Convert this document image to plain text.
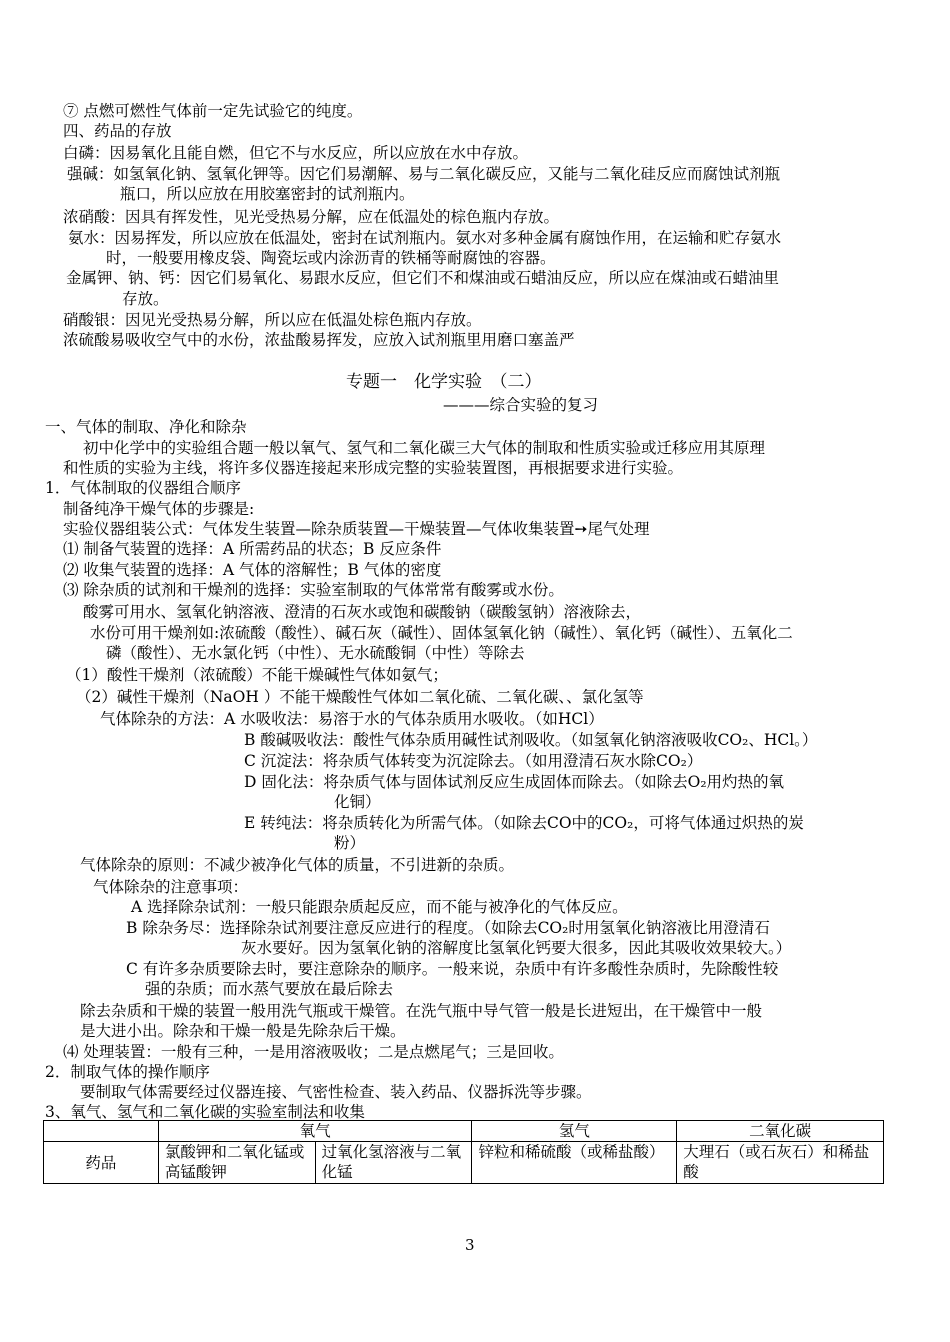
⑦ 点燃可燃性气体前一定先试验它的纯度。
四、药品的存放
白磷：因易氧化且能自燃，但它不与水反应，所以应放在水中存放。
强碱：如氢氧化钠、氢氧化钾等。因它们易潮解、易与二氧化碳反应，又能与二氧化硅反应而腐蚀试剂瓶
瓶口，所以应放在用胶塞密封的试剂瓶内。
浓硝酸：因具有挥发性，见光受热易分解，应在低温处的棕色瓶内存放。
氨水：因易挥发，所以应放在低温处，密封在试剂瓶内。氨水对多种金属有腐蚀作用，在运输和贮存氨水
时，一般要用橡皮袋、陶瓷坛或内涂沥青的铁桶等耐腐蚀的容器。
金属钾、钠、钙：因它们易氧化、易跟水反应，但它们不和煤油或石蜡油反应，所以应在煤油或石蜡油里
存放。
硝酸银：因见光受热易分解，所以应在低温处棕色瓶内存放。
浓硫酸易吸收空气中的水份，浓盐酸易挥发，应放入试剂瓶里用磨口塞盖严
专题一　化学实验　（二）
———综合实验的复习
一、气体的制取、净化和除杂
初中化学中的实验组合题一般以氧气、氢气和二氧化碳三大气体的制取和性质实验或迁移应用其原理
和性质的实验为主线，将许多仪器连接起来形成完整的实验装置图，再根据要求进行实验。
1．气体制取的仪器组合顺序
制备纯净干燥气体的步骤是:
实验仪器组装公式：气体发生装置—除杂质装置—干燥装置—气体收集装置➙尾气处理
⑴ 制备气装置的选择：A 所需药品的状态；B 反应条件
⑵ 收集气装置的选择：A 气体的溶解性；B 气体的密度
⑶ 除杂质的试剂和干燥剂的选择：实验室制取的气体常常有酸雾或水份。
酸雾可用水、氢氧化钠溶液、澄清的石灰水或饱和碳酸钠（碳酸氢钠）溶液除去，
水份可用干燥剂如:浓硫酸（酸性）、碱石灰（碱性）、固体氢氧化钠（碱性）、氧化钙（碱性）、五氧化二
磷（酸性）、无水氯化钙（中性）、无水硫酸铜（中性）等除去
（1）酸性干燥剂（浓硫酸）不能干燥碱性气体如氨气；
（2）碱性干燥剂（NaOH ）不能干燥酸性气体如二氧化硫、二氧化碳、、氯化氢等
气体除杂的方法：A 水吸收法：易溶于水的气体杂质用水吸收。（如HCl）
B 酸碱吸收法：酸性气体杂质用碱性试剂吸收。（如氢氧化钠溶液吸收CO₂、HCl。）
C 沉淀法：将杂质气体转变为沉淀除去。（如用澄清石灰水除CO₂）
D 固化法：将杂质气体与固体试剂反应生成固体而除去。（如除去O₂用灼热的氧
化铜）
E 转纯法：将杂质转化为所需气体。（如除去CO中的CO₂，可将气体通过炽热的炭
粉）
气体除杂的原则：不减少被净化气体的质量，不引进新的杂质。
气体除杂的注意事项：
A 选择除杂试剂：一般只能跟杂质起反应，而不能与被净化的气体反应。
B 除杂务尽：选择除杂试剂要注意反应进行的程度。（如除去CO₂时用氢氧化钠溶液比用澄清石
灰水要好。因为氢氧化钠的溶解度比氢氧化钙要大很多，因此其吸收效果较大。）
C 有许多杂质要除去时，要注意除杂的顺序。一般来说，杂质中有许多酸性杂质时，先除酸性较
强的杂质；而水蒸气要放在最后除去
除去杂质和干燥的装置一般用洗气瓶或干燥管。在洗气瓶中导气管一般是长进短出，在干燥管中一般
是大进小出。除杂和干燥一般是先除杂后干燥。
⑷ 处理装置：一般有三种，一是用溶液吸收；二是点燃尾气；三是回收。
2．制取气体的操作顺序
要制取气体需要经过仪器连接、气密性检查、装入药品、仪器拆洗等步骤。
3、氧气、氢气和二氧化碳的实验室制法和收集
	氧气		氢气	二氧化碳
药品	氯酸钾和二氧化锰或高锰酸钾	过氧化氢溶液与二氧化锰	锌粒和稀硫酸（或稀盐酸）	大理石（或石灰石）和稀盐酸
3
